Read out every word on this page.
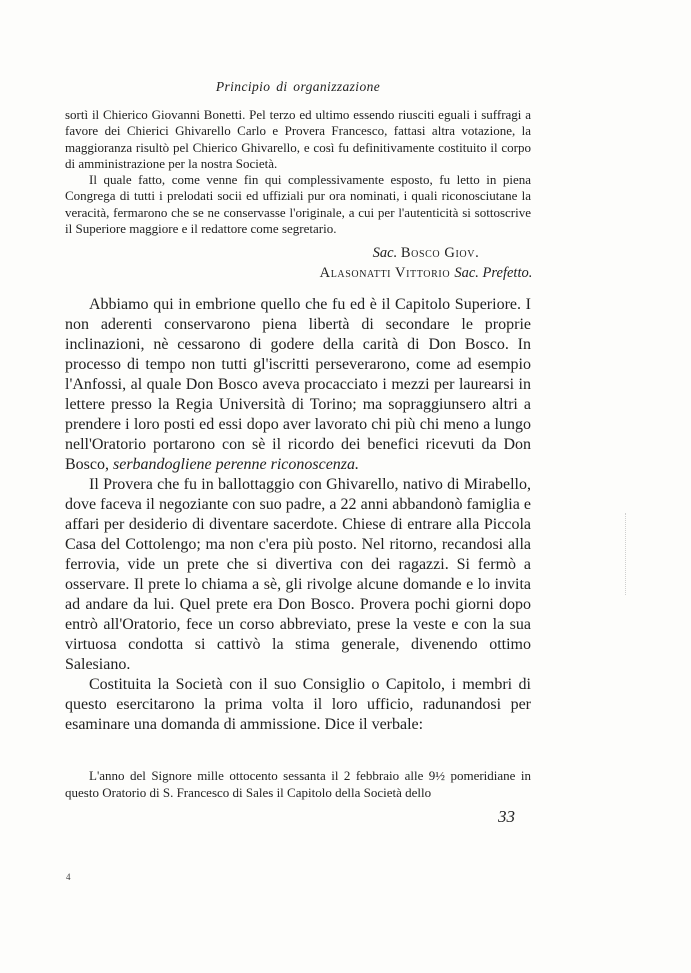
Principio di organizzazione

sortì il Chierico Giovanni Bonetti. Pel terzo ed ultimo essendo riusciti eguali i suffragi a favore dei Chierici Ghivarello Carlo e Provera Francesco, fattasi altra votazione, la maggioranza risultò pel Chierico Ghivarello, e così fu definitivamente costituito il corpo di amministrazione per la nostra Società.

Il quale fatto, come venne fin qui complessivamente esposto, fu letto in piena Congrega di tutti i prelodati socii ed uffiziali pur ora nominati, i quali riconosciutane la veracità, fermarono che se ne conservasse l'originale, a cui per l'autenticità si sottoscrive il Superiore maggiore e il redattore come segretario.

Sac. Bosco Giov.

Alasonatti Vittorio Sac. Prefetto.

Abbiamo qui in embrione quello che fu ed è il Capitolo Superiore. I non aderenti conservarono piena libertà di secondare le proprie inclinazioni, nè cessarono di godere della carità di Don Bosco. In processo di tempo non tutti gl'iscritti perseverarono, come ad esempio l'Anfossi, al quale Don Bosco aveva procacciato i mezzi per laurearsi in lettere presso la Regia Università di Torino; ma sopraggiunsero altri a prendere i loro posti ed essi dopo aver lavorato chi più chi meno a lungo nell'Oratorio portarono con sè il ricordo dei benefici ricevuti da Don Bosco, serbandogliene perenne riconoscenza.

Il Provera che fu in ballottaggio con Ghivarello, nativo di Mirabello, dove faceva il negoziante con suo padre, a 22 anni abbandonò famiglia e affari per desiderio di diventare sacerdote. Chiese di entrare alla Piccola Casa del Cottolengo; ma non c'era più posto. Nel ritorno, recandosi alla ferrovia, vide un prete che si divertiva con dei ragazzi. Si fermò a osservare. Il prete lo chiama a sè, gli rivolge alcune domande e lo invita ad andare da lui. Quel prete era Don Bosco. Provera pochi giorni dopo entrò all'Oratorio, fece un corso abbreviato, prese la veste e con la sua virtuosa condotta si cattivò la stima generale, divenendo ottimo Salesiano.

Costituita la Società con il suo Consiglio o Capitolo, i membri di questo esercitarono la prima volta il loro ufficio, radunandosi per esaminare una domanda di ammissione. Dice il verbale:

L'anno del Signore mille ottocento sessanta il 2 febbraio alle 9½ pomeridiane in questo Oratorio di S. Francesco di Sales il Capitolo della Società dello

33
4
